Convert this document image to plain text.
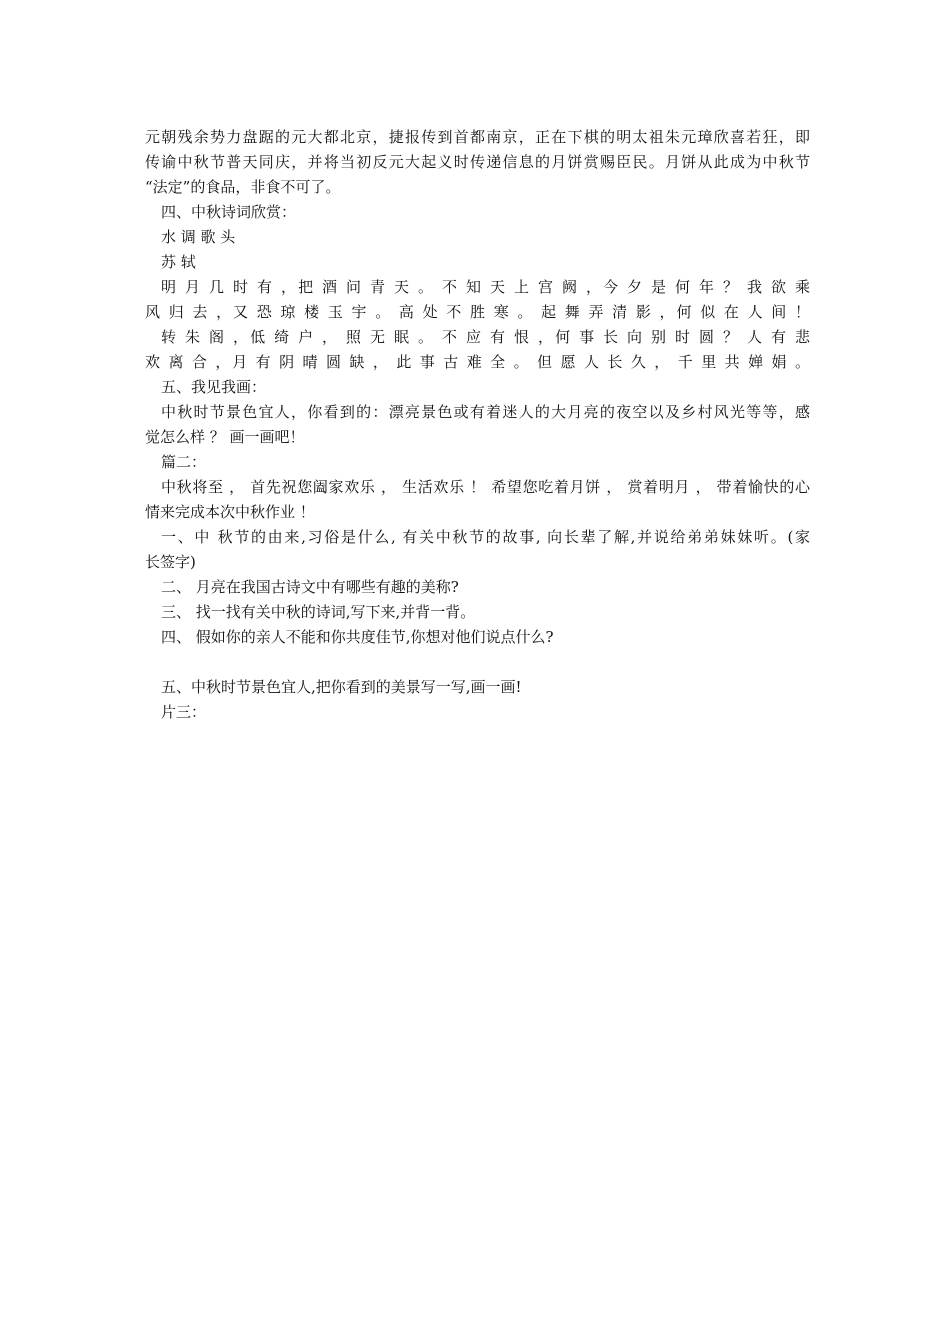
元朝残余势力盘踞的元大都北京，捷报传到首都南京，正在下棋的明太祖朱元璋欣喜若狂，即
传谕中秋节普天同庆，并将当初反元大起义时传递信息的月饼赏赐臣民。月饼从此成为中秋节
“法定”的食品，非食不可了。
四、中秋诗词欣赏：
水 调 歌 头
苏 轼
明 月 几 时 有 ，把 酒 问 青 天 。 不 知 天 上 宫 阙 ，今 夕 是 何 年 ？ 我 欲 乘
风 归 去 ，又 恐 琼 楼 玉 宇 。 高 处 不 胜 寒 。 起 舞 弄 清 影 ，何 似 在 人 间 ！
转 朱 阁 ，低 绮 户 ， 照 无 眠 。 不 应 有 恨 ，何 事 长 向 别 时 圆 ？ 人 有 悲
欢 离 合 ，月 有 阴 晴 圆 缺 ， 此 事 古 难 全 。 但 愿 人 长 久 ， 千 里 共 婵 娟 。
五、我见我画：
中秋时节景色宜人，你看到的：漂亮景色或有着迷人的大月亮的夜空以及乡村风光等等，感
觉怎么样 ？ 画一画吧！
篇二：
中秋将至 ， 首先祝您阖家欢乐 ， 生活欢乐 ！ 希望您吃着月饼 ， 赏着明月 ， 带着愉快的心
情来完成本次中秋作业 ！
一、中 秋节的由来,习俗是什么, 有关中秋节的故事, 向长辈了解,并说给弟弟妹妹听。(家
长签字)
二、 月亮在我国古诗文中有哪些有趣的美称?
三、 找一找有关中秋的诗词,写下来,并背一背。
四、 假如你的亲人不能和你共度佳节,你想对他们说点什么?
五、中秋时节景色宜人,把你看到的美景写一写,画一画!
片三：
